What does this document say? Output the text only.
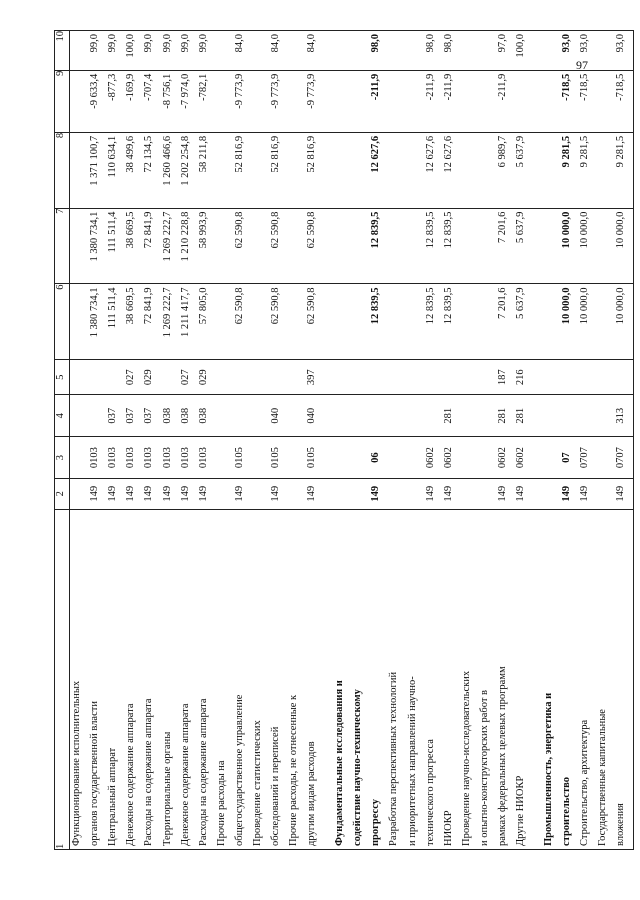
97
1	2	3	4	5	6	7	8	9	10
Функционирование исполнительных									
органов государственной власти	149	0103			1 380 734,1	1 380 734,1	1 371 100,7	-9 633,4	99,0
Центральный аппарат	149	0103	037		111 511,4	111 511,4	110 634,1	-877,3	99,0
Денежное содержание аппарата	149	0103	037	027	38 669,5	38 669,5	38 499,6	-169,9	100,0
Расходы на содержание аппарата	149	0103	037	029	72 841,9	72 841,9	72 134,5	-707,4	99,0
Территориальные органы	149	0103	038		1 269 222,7	1 269 222,7	1 260 466,6	-8 756,1	99,0
Денежное содержание аппарата	149	0103	038	027	1 211 417,7	1 210 228,8	1 202 254,8	-7 974,0	99,0
Расходы на содержание аппарата	149	0103	038	029	57 805,0	58 993,9	58 211,8	-782,1	99,0
Прочие расходы на									
общегосударственное управление	149	0105			62 590,8	62 590,8	52 816,9	-9 773,9	84,0
Проведение статистических									
обследований и переписей	149	0105	040		62 590,8	62 590,8	52 816,9	-9 773,9	84,0
Прочие расходы, не отнесенные к									
другим видам расходов	149	0105	040	397	62 590,8	62 590,8	52 816,9	-9 773,9	84,0

Фундаментальные исследования и									
содействие научно-техническому									
прогрессу	149	06			12 839,5	12 839,5	12 627,6	-211,9	98,0
Разработка перспективных технологий									
и приоритетных направлений научно-									
технического прогресса	149	0602			12 839,5	12 839,5	12 627,6	-211,9	98,0
НИОКР	149	0602	281		12 839,5	12 839,5	12 627,6	-211,9	98,0
Проведение научно-исследовательских									
и опытно-конструкторских работ в									
рамках федеральных целевых программ	149	0602	281	187	7 201,6	7 201,6	6 989,7	-211,9	97,0
Другие НИОКР	149	0602	281	216	5 637,9	5 637,9	5 637,9		100,0

Промышленность, энергетика и									
строительство	149	07			10 000,0	10 000,0	9 281,5	-718,5	93,0
Строительство, архитектура	149	0707			10 000,0	10 000,0	9 281,5	-718,5	93,0
Государственные капитальные									
вложения	149	0707	313		10 000,0	10 000,0	9 281,5	-718,5	93,0
